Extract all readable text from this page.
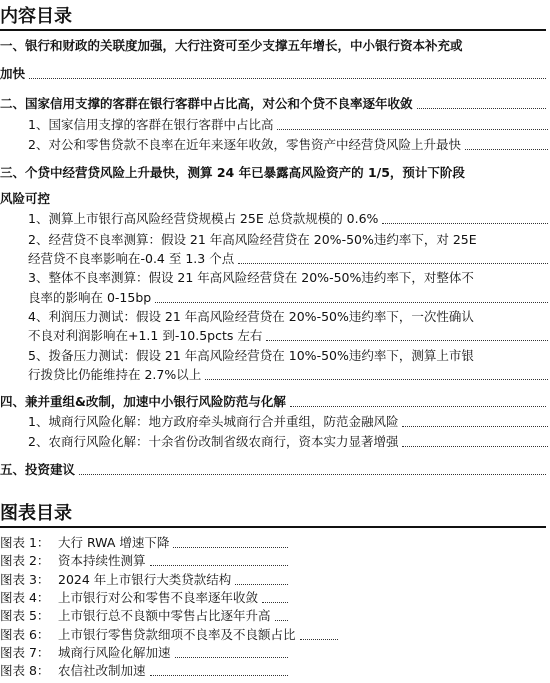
内容目录
一、银行和财政的关联度加强，大行注资可至少支撑五年增长，中小银行资本补充或
加快
二、国家信用支撑的客群在银行客群中占比高，对公和个贷不良率逐年收敛
1、国家信用支撑的客群在银行客群中占比高
2、对公和零售贷款不良率在近年来逐年收敛，零售资产中经营贷风险上升最快
三、个贷中经营贷风险上升最快，测算 24 年已暴露高风险资产的 1/5，预计下阶段
风险可控
1、测算上市银行高风险经营贷规模占 25E 总贷款规模的 0.6%
2、经营贷不良率测算：假设 21 年高风险经营贷在 20%-50%违约率下，对 25E
经营贷不良率影响在-0.4 至 1.3 个点
3、整体不良率测算：假设 21 年高风险经营贷在 20%-50%违约率下，对整体不
良率的影响在 0-15bp
4、利润压力测试：假设 21 年高风险经营贷在 20%-50%违约率下，一次性确认
不良对利润影响在+1.1 到-10.5pcts 左右
5、拨备压力测试：假设 21 年高风险经营贷在 10%-50%违约率下，测算上市银
行拨贷比仍能维持在 2.7%以上
四、兼并重组&改制，加速中小银行风险防范与化解
1、城商行风险化解：地方政府牵头城商行合并重组，防范金融风险
2、农商行风险化解：十余省份改制省级农商行，资本实力显著增强
五、投资建议
图表目录
图表 1： 大行 RWA 增速下降
图表 2： 资本持续性测算
图表 3： 2024 年上市银行大类贷款结构
图表 4： 上市银行对公和零售不良率逐年收敛
图表 5： 上市银行总不良额中零售占比逐年升高
图表 6： 上市银行零售贷款细项不良率及不良额占比
图表 7： 城商行风险化解加速
图表 8： 农信社改制加速
